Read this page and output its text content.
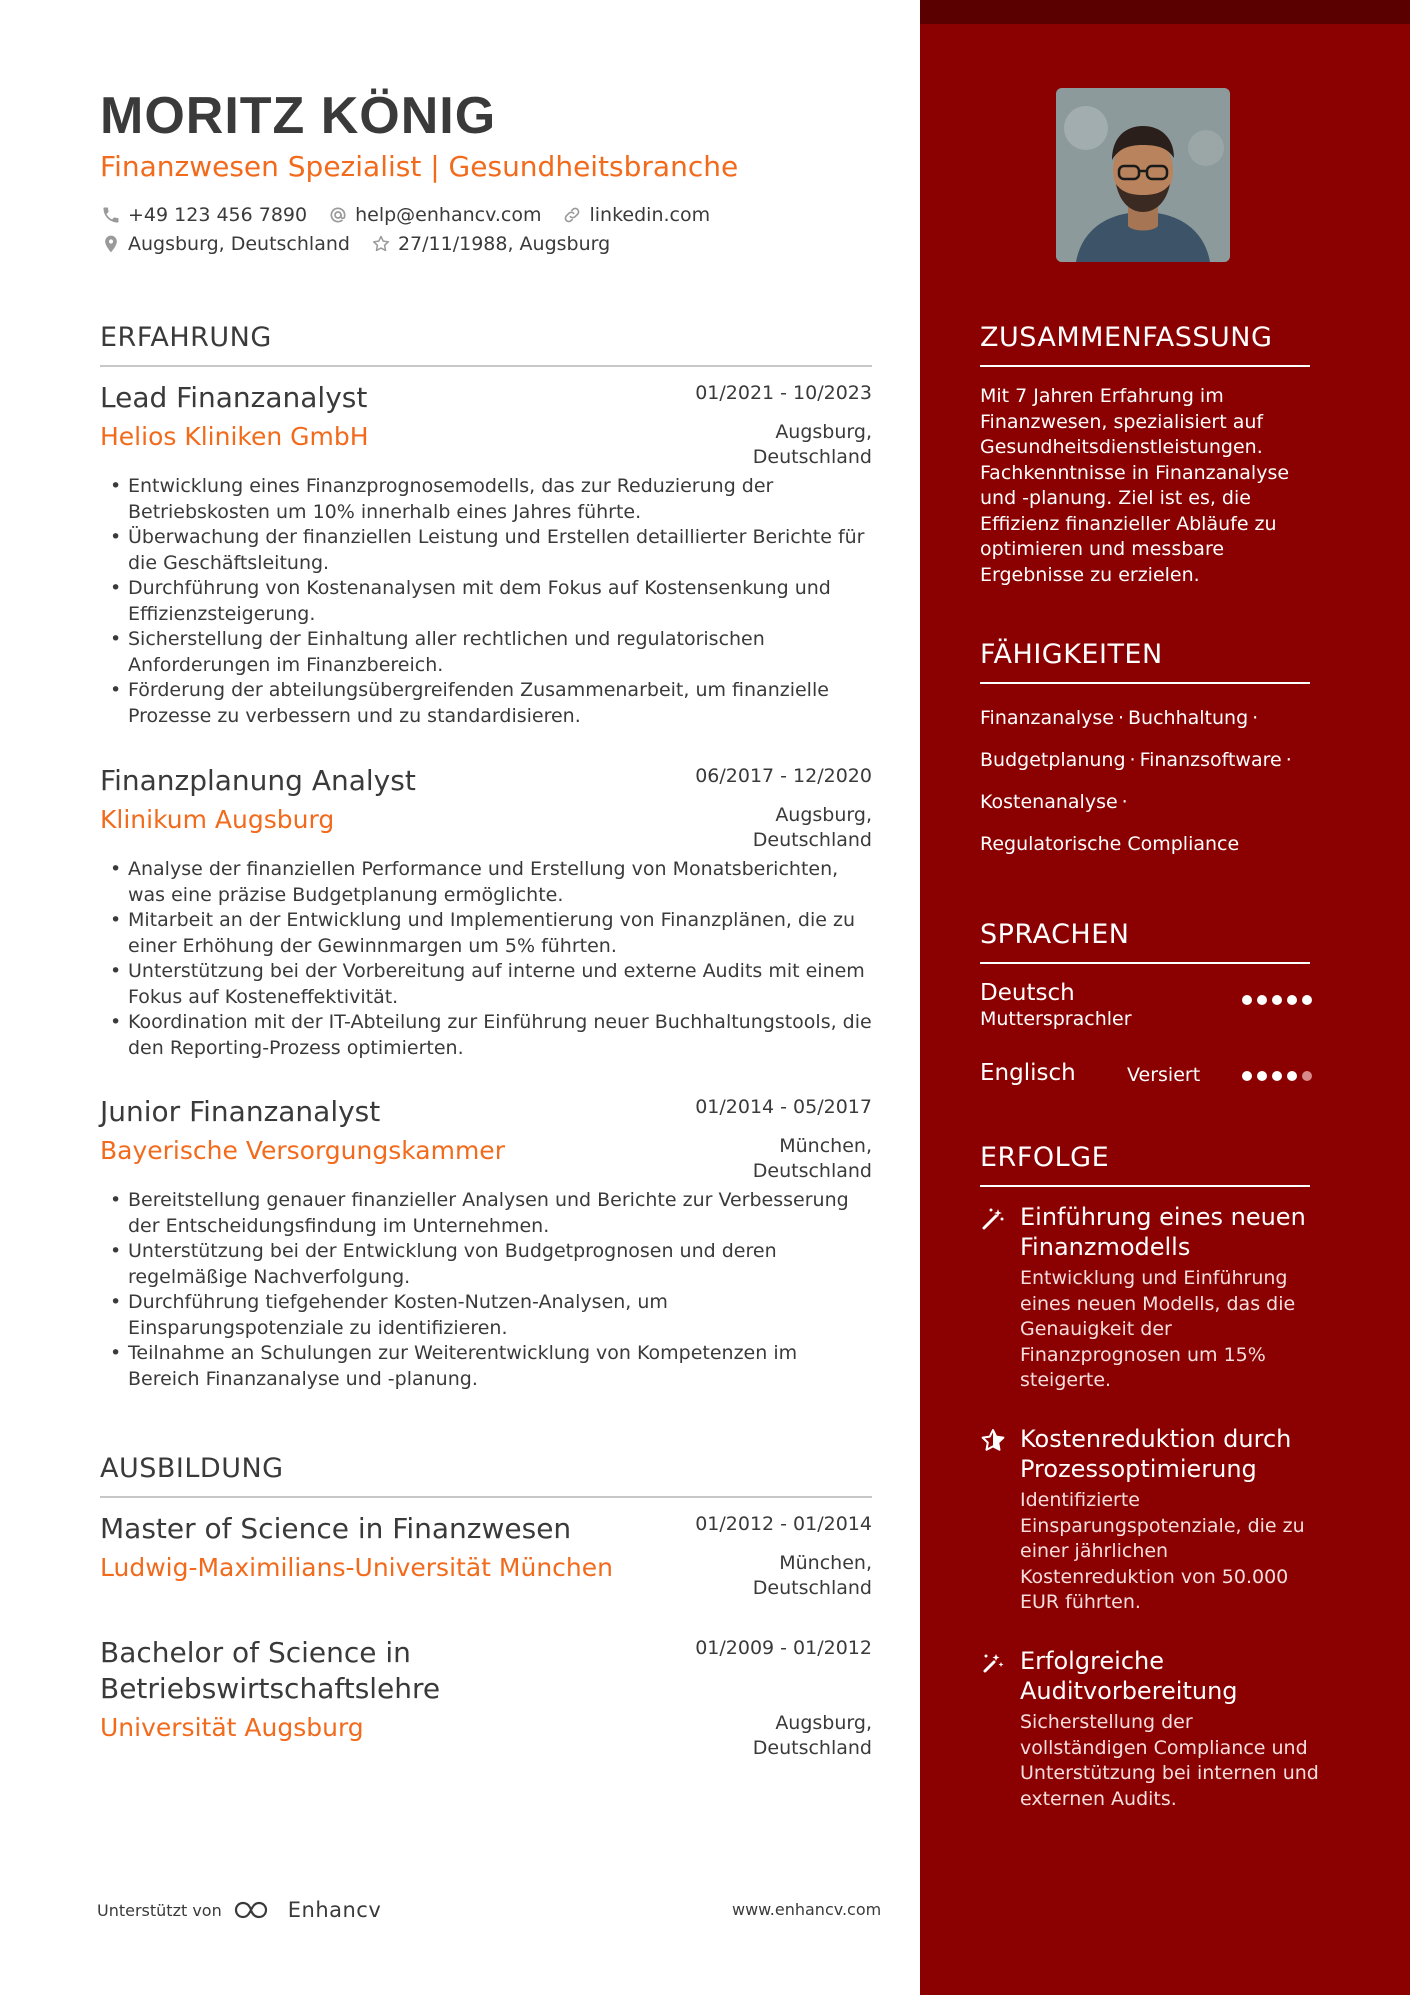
MORITZ KÖNIG
Finanzwesen Spezialist | Gesundheitsbranche
+49 123 456 7890	help@enhancv.com	linkedin.com
Augsburg, Deutschland	27/11/1988, Augsburg
ERFAHRUNG
Lead Finanzanalyst	01/2021 - 10/2023
Helios Kliniken GmbH	Augsburg,
Deutschland
• Entwicklung eines Finanzprognosemodells, das zur Reduzierung der Betriebskosten um 10% innerhalb eines Jahres führte.
• Überwachung der finanziellen Leistung und Erstellen detaillierter Berichte für die Geschäftsleitung.
• Durchführung von Kostenanalysen mit dem Fokus auf Kostensenkung und Effizienzsteigerung.
• Sicherstellung der Einhaltung aller rechtlichen und regulatorischen Anforderungen im Finanzbereich.
• Förderung der abteilungsübergreifenden Zusammenarbeit, um finanzielle Prozesse zu verbessern und zu standardisieren.
Finanzplanung Analyst	06/2017 - 12/2020
Klinikum Augsburg	Augsburg,
Deutschland
• Analyse der finanziellen Performance und Erstellung von Monatsberichten, was eine präzise Budgetplanung ermöglichte.
• Mitarbeit an der Entwicklung und Implementierung von Finanzplänen, die zu einer Erhöhung der Gewinnmargen um 5% führten.
• Unterstützung bei der Vorbereitung auf interne und externe Audits mit einem Fokus auf Kosteneffektivität.
• Koordination mit der IT-Abteilung zur Einführung neuer Buchhaltungstools, die den Reporting-Prozess optimierten.
Junior Finanzanalyst	01/2014 - 05/2017
Bayerische Versorgungskammer	München,
Deutschland
• Bereitstellung genauer finanzieller Analysen und Berichte zur Verbesserung der Entscheidungsfindung im Unternehmen.
• Unterstützung bei der Entwicklung von Budgetprognosen und deren regelmäßige Nachverfolgung.
• Durchführung tiefgehender Kosten-Nutzen-Analysen, um Einsparungspotenziale zu identifizieren.
• Teilnahme an Schulungen zur Weiterentwicklung von Kompetenzen im Bereich Finanzanalyse und -planung.
AUSBILDUNG
Master of Science in Finanzwesen	01/2012 - 01/2014
Ludwig-Maximilians-Universität München	München,
Deutschland
Bachelor of Science in Betriebswirtschaftslehre
01/2009 - 01/2012
Universität Augsburg	Augsburg,
Deutschland
Unterstützt von	Enhancv	www.enhancv.com
ZUSAMMENFASSUNG
Mit 7 Jahren Erfahrung im Finanzwesen, spezialisiert auf Gesundheitsdienstleistungen. Fachkenntnisse in Finanzanalyse und -planung. Ziel ist es, die Effizienz finanzieller Abläufe zu optimieren und messbare Ergebnisse zu erzielen.
FÄHIGKEITEN
Finanzanalyse · Buchhaltung ·
Budgetplanung · Finanzsoftware ·
Kostenanalyse ·
Regulatorische Compliance
SPRACHEN
Deutsch
Muttersprachler
Englisch	Versiert
ERFOLGE
Einführung eines neuen Finanzmodells
Entwicklung und Einführung eines neuen Modells, das die Genauigkeit der Finanzprognosen um 15% steigerte.
Kostenreduktion durch Prozessoptimierung
Identifizierte Einsparungspotenziale, die zu einer jährlichen Kostenreduktion von 50.000 EUR führten.
Erfolgreiche Auditvorbereitung
Sicherstellung der vollständigen Compliance und Unterstützung bei internen und externen Audits.
